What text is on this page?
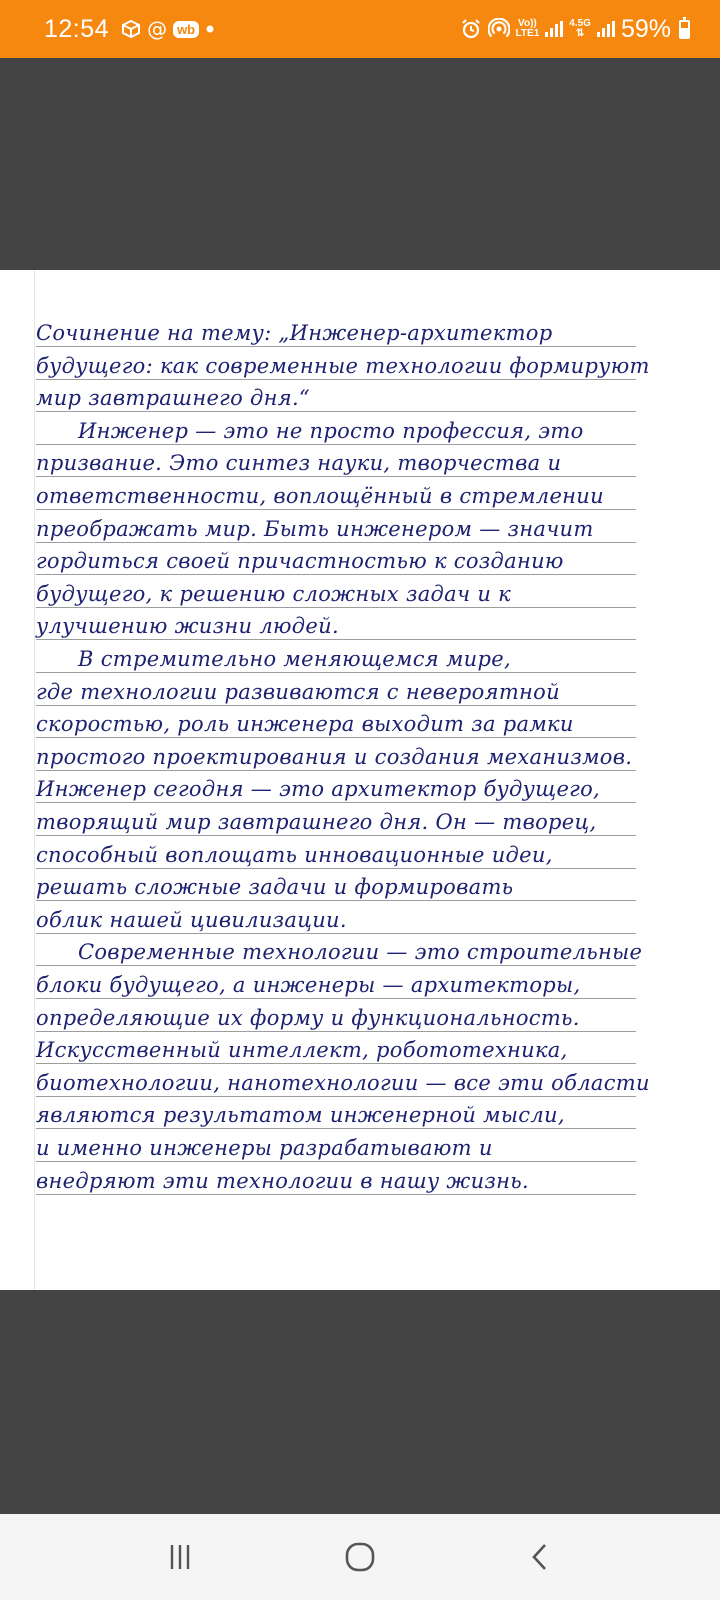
12:54 @ wb	Vo))
LTE1
4.5G
⇅ 59%
Сочинение на тему: „Инженер-архитектор
будущего: как современные технологии формируют
мир завтрашнего дня.“
Инженер — это не просто профессия, это
призвание. Это синтез науки, творчества и
ответственности, воплощённый в стремлении
преображать мир. Быть инженером — значит
гордиться своей причастностью к созданию
будущего, к решению сложных задач и к
улучшению жизни людей.
В стремительно меняющемся мире,
где технологии развиваются с невероятной
скоростью, роль инженера выходит за рамки
простого проектирования и создания механизмов.
Инженер сегодня — это архитектор будущего,
творящий мир завтрашнего дня. Он — творец,
способный воплощать инновационные идеи,
решать сложные задачи и формировать
облик нашей цивилизации.
Современные технологии — это строительные
блоки будущего, а инженеры — архитекторы,
определяющие их форму и функциональность.
Искусственный интеллект, робототехника,
биотехнологии, нанотехнологии — все эти области
являются результатом инженерной мысли,
и именно инженеры разрабатывают и
внедряют эти технологии в нашу жизнь.
